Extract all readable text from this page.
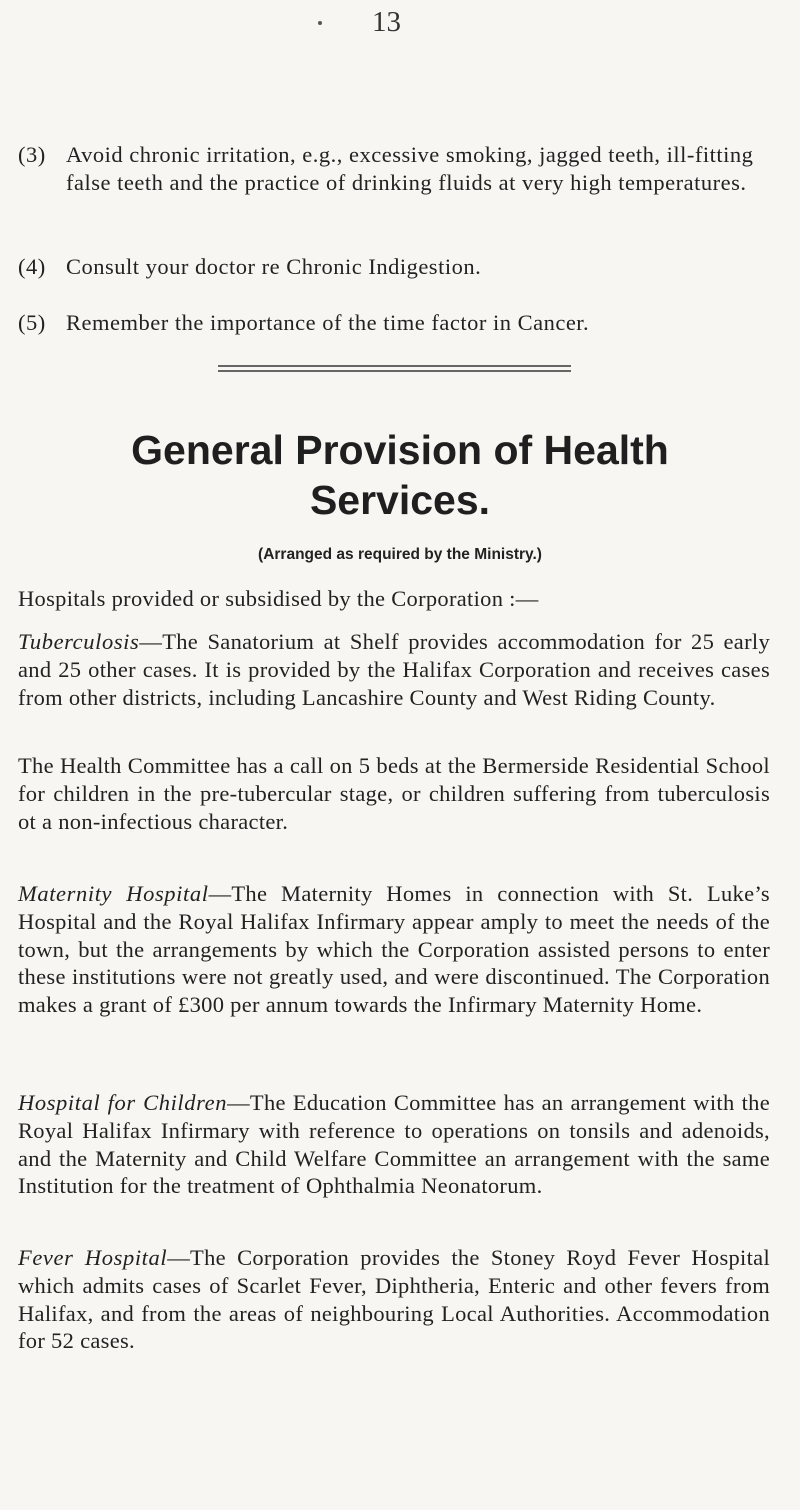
13
(3) Avoid chronic irritation, e.g., excessive smoking, jagged teeth, ill-fitting false teeth and the practice of drinking fluids at very high temperatures.
(4) Consult your doctor re Chronic Indigestion.
(5) Remember the importance of the time factor in Cancer.
General Provision of Health
Services.
(Arranged as required by the Ministry.)

Hospitals provided or subsidised by the Corporation :—

Tuberculosis—The Sanatorium at Shelf provides accommodation for 25 early and 25 other cases. It is provided by the Halifax Corporation and receives cases from other districts, including Lancashire County and West Riding County.

The Health Committee has a call on 5 beds at the Bermerside Residential School for children in the pre-tubercular stage, or children suffering from tuberculosis ot a non-infectious character.

Maternity Hospital—The Maternity Homes in connection with St. Luke’s Hospital and the Royal Halifax Infirmary appear amply to meet the needs of the town, but the arrangements by which the Corporation assisted persons to enter these institutions were not greatly used, and were discontinued. The Corporation makes a grant of £300 per annum towards the Infirmary Maternity Home.

Hospital for Children—The Education Committee has an arrangement with the Royal Halifax Infirmary with reference to operations on tonsils and adenoids, and the Maternity and Child Welfare Committee an arrangement with the same Institution for the treatment of Ophthalmia Neonatorum.

Fever Hospital—The Corporation provides the Stoney Royd Fever Hospital which admits cases of Scarlet Fever, Diphtheria, Enteric and other fevers from Halifax, and from the areas of neighbouring Local Authorities. Accommodation for 52 cases.
